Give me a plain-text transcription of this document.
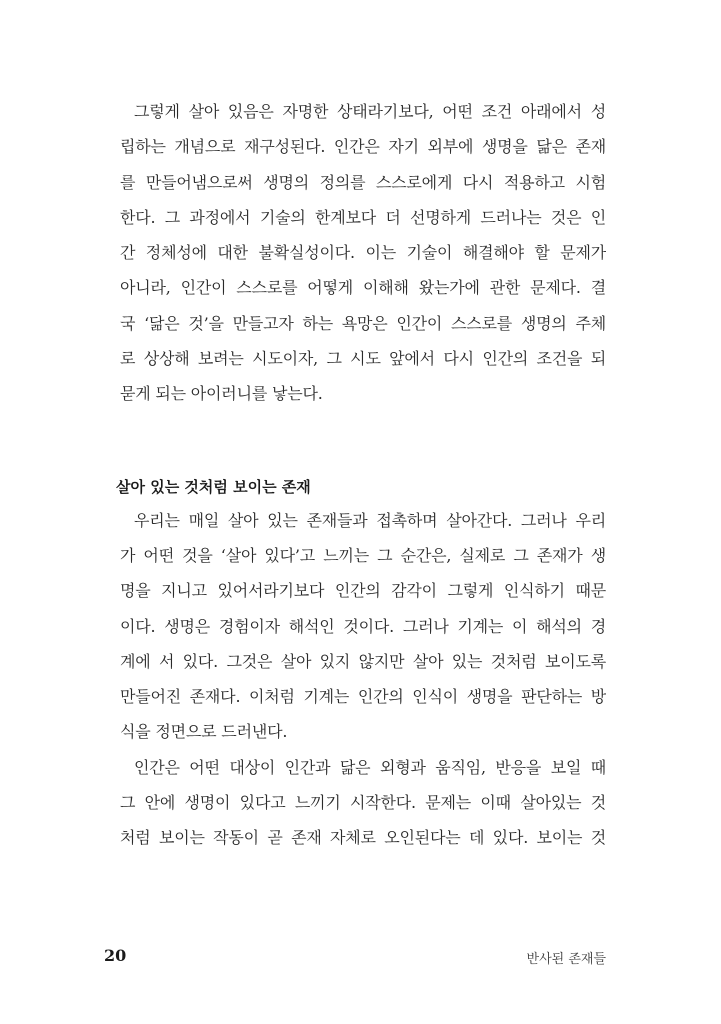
그렇게 살아 있음은 자명한 상태라기보다, 어떤 조건 아래에서 성
립하는 개념으로 재구성된다. 인간은 자기 외부에 생명을 닮은 존재
를 만들어냄으로써 생명의 정의를 스스로에게 다시 적용하고 시험
한다. 그 과정에서 기술의 한계보다 더 선명하게 드러나는 것은 인
간 정체성에 대한 불확실성이다. 이는 기술이 해결해야 할 문제가
아니라, 인간이 스스로를 어떻게 이해해 왔는가에 관한 문제다. 결
국 ‘닮은 것’을 만들고자 하는 욕망은 인간이 스스로를 생명의 주체
로 상상해 보려는 시도이자, 그 시도 앞에서 다시 인간의 조건을 되
묻게 되는 아이러니를 낳는다.
살아 있는 것처럼 보이는 존재
우리는 매일 살아 있는 존재들과 접촉하며 살아간다. 그러나 우리
가 어떤 것을 ‘살아 있다’고 느끼는 그 순간은, 실제로 그 존재가 생
명을 지니고 있어서라기보다 인간의 감각이 그렇게 인식하기 때문
이다. 생명은 경험이자 해석인 것이다. 그러나 기계는 이 해석의 경
계에 서 있다. 그것은 살아 있지 않지만 살아 있는 것처럼 보이도록
만들어진 존재다. 이처럼 기계는 인간의 인식이 생명을 판단하는 방
식을 정면으로 드러낸다.
인간은 어떤 대상이 인간과 닮은 외형과 움직임, 반응을 보일 때
그 안에 생명이 있다고 느끼기 시작한다. 문제는 이때 살아있는 것
처럼 보이는 작동이 곧 존재 자체로 오인된다는 데 있다. 보이는 것
20	반사된 존재들
